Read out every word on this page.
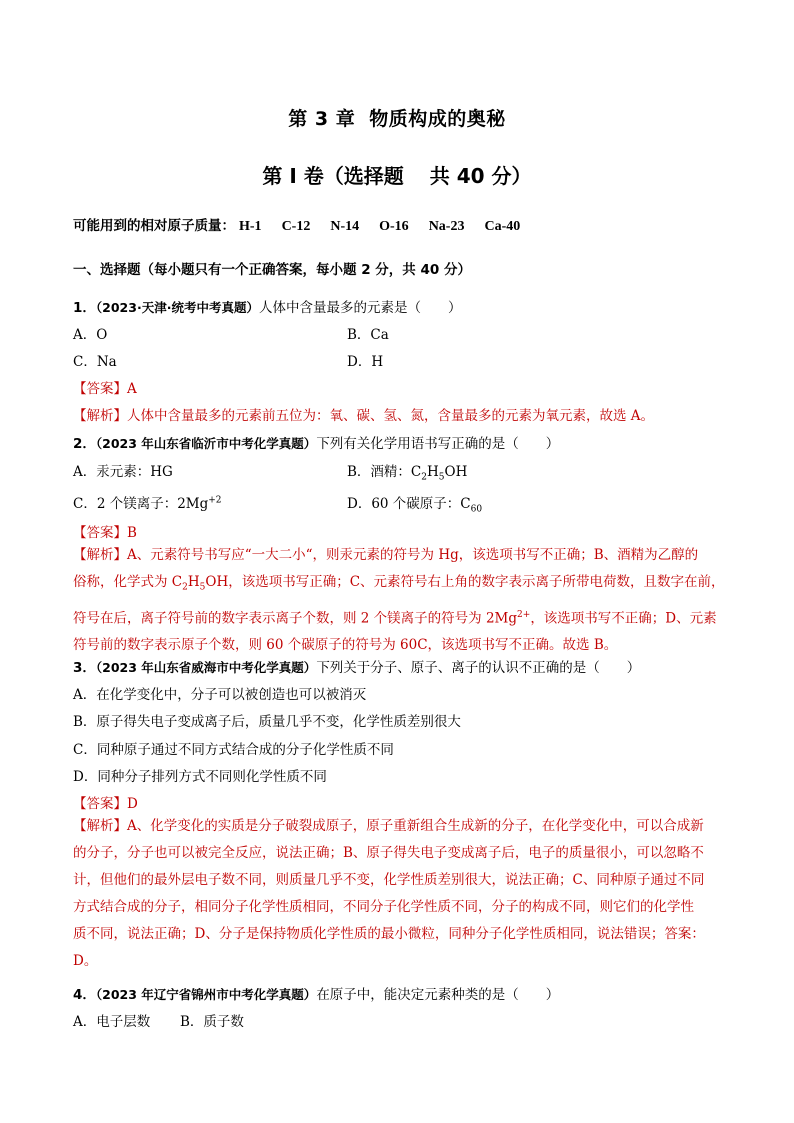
第 3 章 物质构成的奥秘
第 I 卷（选择题 共 40 分）
可能用到的相对原子质量： H-1 C-12 N-14 O-16 Na-23 Ca-40
一、选择题（每小题只有一个正确答案，每小题 2 分，共 40 分）
1．（2023·天津·统考中考真题）人体中含量最多的元素是（　　）
A．O	B．Ca
C．Na	D．H
【答案】A
【解析】人体中含量最多的元素前五位为：氧、碳、氢、氮，含量最多的元素为氧元素，故选 A。
2．（2023 年山东省临沂市中考化学真题）下列有关化学用语书写正确的是（　　）
A．汞元素：HG	B．酒精：$C_2H_5OH$
C．2 个镁离子：$2Mg^{+2}$	D．60 个碳原子：$C_{60}$
【答案】B
【解析】A、元素符号书写应“一大二小“，则汞元素的符号为 Hg，该选项书写不正确；B、酒精为乙醇的
俗称，化学式为 $C_2H_5OH$，该选项书写正确；C、元素符号右上角的数字表示离子所带电荷数，且数字在前，
符号在后，离子符号前的数字表示离子个数，则 2 个镁离子的符号为 $2Mg^{2+}$，该选项书写不正确；D、元素
符号前的数字表示原子个数，则 60 个碳原子的符号为 60C，该选项书写不正确。故选 B。
3．（2023 年山东省威海市中考化学真题）下列关于分子、原子、离子的认识不正确的是（　　）
A．在化学变化中，分子可以被创造也可以被消灭
B．原子得失电子变成离子后，质量几乎不变，化学性质差别很大
C．同种原子通过不同方式结合成的分子化学性质不同
D．同种分子排列方式不同则化学性质不同
【答案】D
【解析】A、化学变化的实质是分子破裂成原子，原子重新组合生成新的分子，在化学变化中，可以合成新
的分子，分子也可以被完全反应，说法正确；B、原子得失电子变成离子后，电子的质量很小，可以忽略不
计，但他们的最外层电子数不同，则质量几乎不变，化学性质差别很大，说法正确；C、同种原子通过不同
方式结合成的分子，相同分子化学性质相同，不同分子化学性质不同，分子的构成不同，则它们的化学性
质不同，说法正确；D、分子是保持物质化学性质的最小微粒，同种分子化学性质相同，说法错误；答案：
D。
4．（2023 年辽宁省锦州市中考化学真题）在原子中，能决定元素种类的是（　　）
A．电子层数 B．质子数
